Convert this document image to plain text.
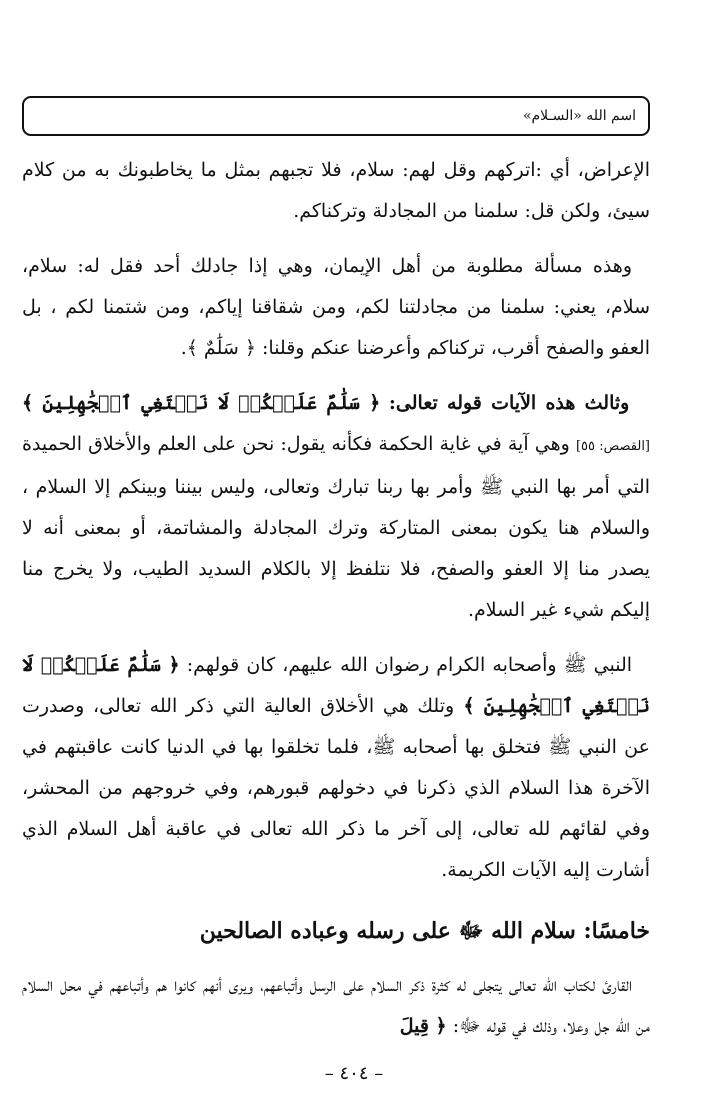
اسم الله «السـلام»

الإعراض، أي :اتركهم وقل لهم: سلام، فلا تجبهم بمثل ما يخاطبونك به من كلام سيئ، ولكن قل: سلمنا من المجادلة وتركناكم.

وهذه مسألة مطلوبة من أهل الإيمان، وهي إذا جادلك أحد فقل له: سلام، سلام، يعني: سلمنا من مجادلتنا لكم، ومن شقاقنا إياكم، ومن شتمنا لكم ، بل العفو والصفح أقرب، تركناكم وأعرضنا عنكم وقلنا: ﴿ سَلَٰمٌ ﴾.

وثالث هذه الآيات قوله تعالى: ﴿ سَلَٰمٌ عَلَيۡكُمۡ لَا نَبۡتَغِي ٱلۡجَٰهِلِينَ ﴾ [القصص: ٥٥] وهي آية في غاية الحكمة فكأنه يقول: نحن على العلم والأخلاق الحميدة التي أمر بها النبي ﷺ وأمر بها ربنا تبارك وتعالى، وليس بيننا وبينكم إلا السلام ، والسلام هنا يكون بمعنى المتاركة وترك المجادلة والمشاتمة، أو بمعنى أنه لا يصدر منا إلا العفو والصفح، فلا نتلفظ إلا بالكلام السديد الطيب، ولا يخرج منا إليكم شيء غير السلام.

النبي ﷺ وأصحابه الكرام رضوان الله عليهم، كان قولهم: ﴿ سَلَٰمٌ عَلَيۡكُمۡ لَا نَبۡتَغِي ٱلۡجَٰهِلِينَ ﴾ وتلك هي الأخلاق العالية التي ذكر الله تعالى، وصدرت عن النبي ﷺ فتخلق بها أصحابه ﷺ، فلما تخلقوا بها في الدنيا كانت عاقبتهم في الآخرة هذا السلام الذي ذكرنا في دخولهم قبورهم، وفي خروجهم من المحشر، وفي لقائهم لله تعالى، إلى آخر ما ذكر الله تعالى في عاقبة أهل السلام الذي أشارت إليه الآيات الكريمة.

خامسًا: سلام الله ﷻ على رسله وعباده الصالحين

القارئ لكتاب الله تعالى يتجلى له كثرة ذكر السلام على الرسل وأتباعهم، ويرى أنهم كانوا هم وأتباعهم في محل السلام من الله جل وعلا، وذلك في قوله ﷻ: ﴿ قِيلَ

– ٤٠٤ –
